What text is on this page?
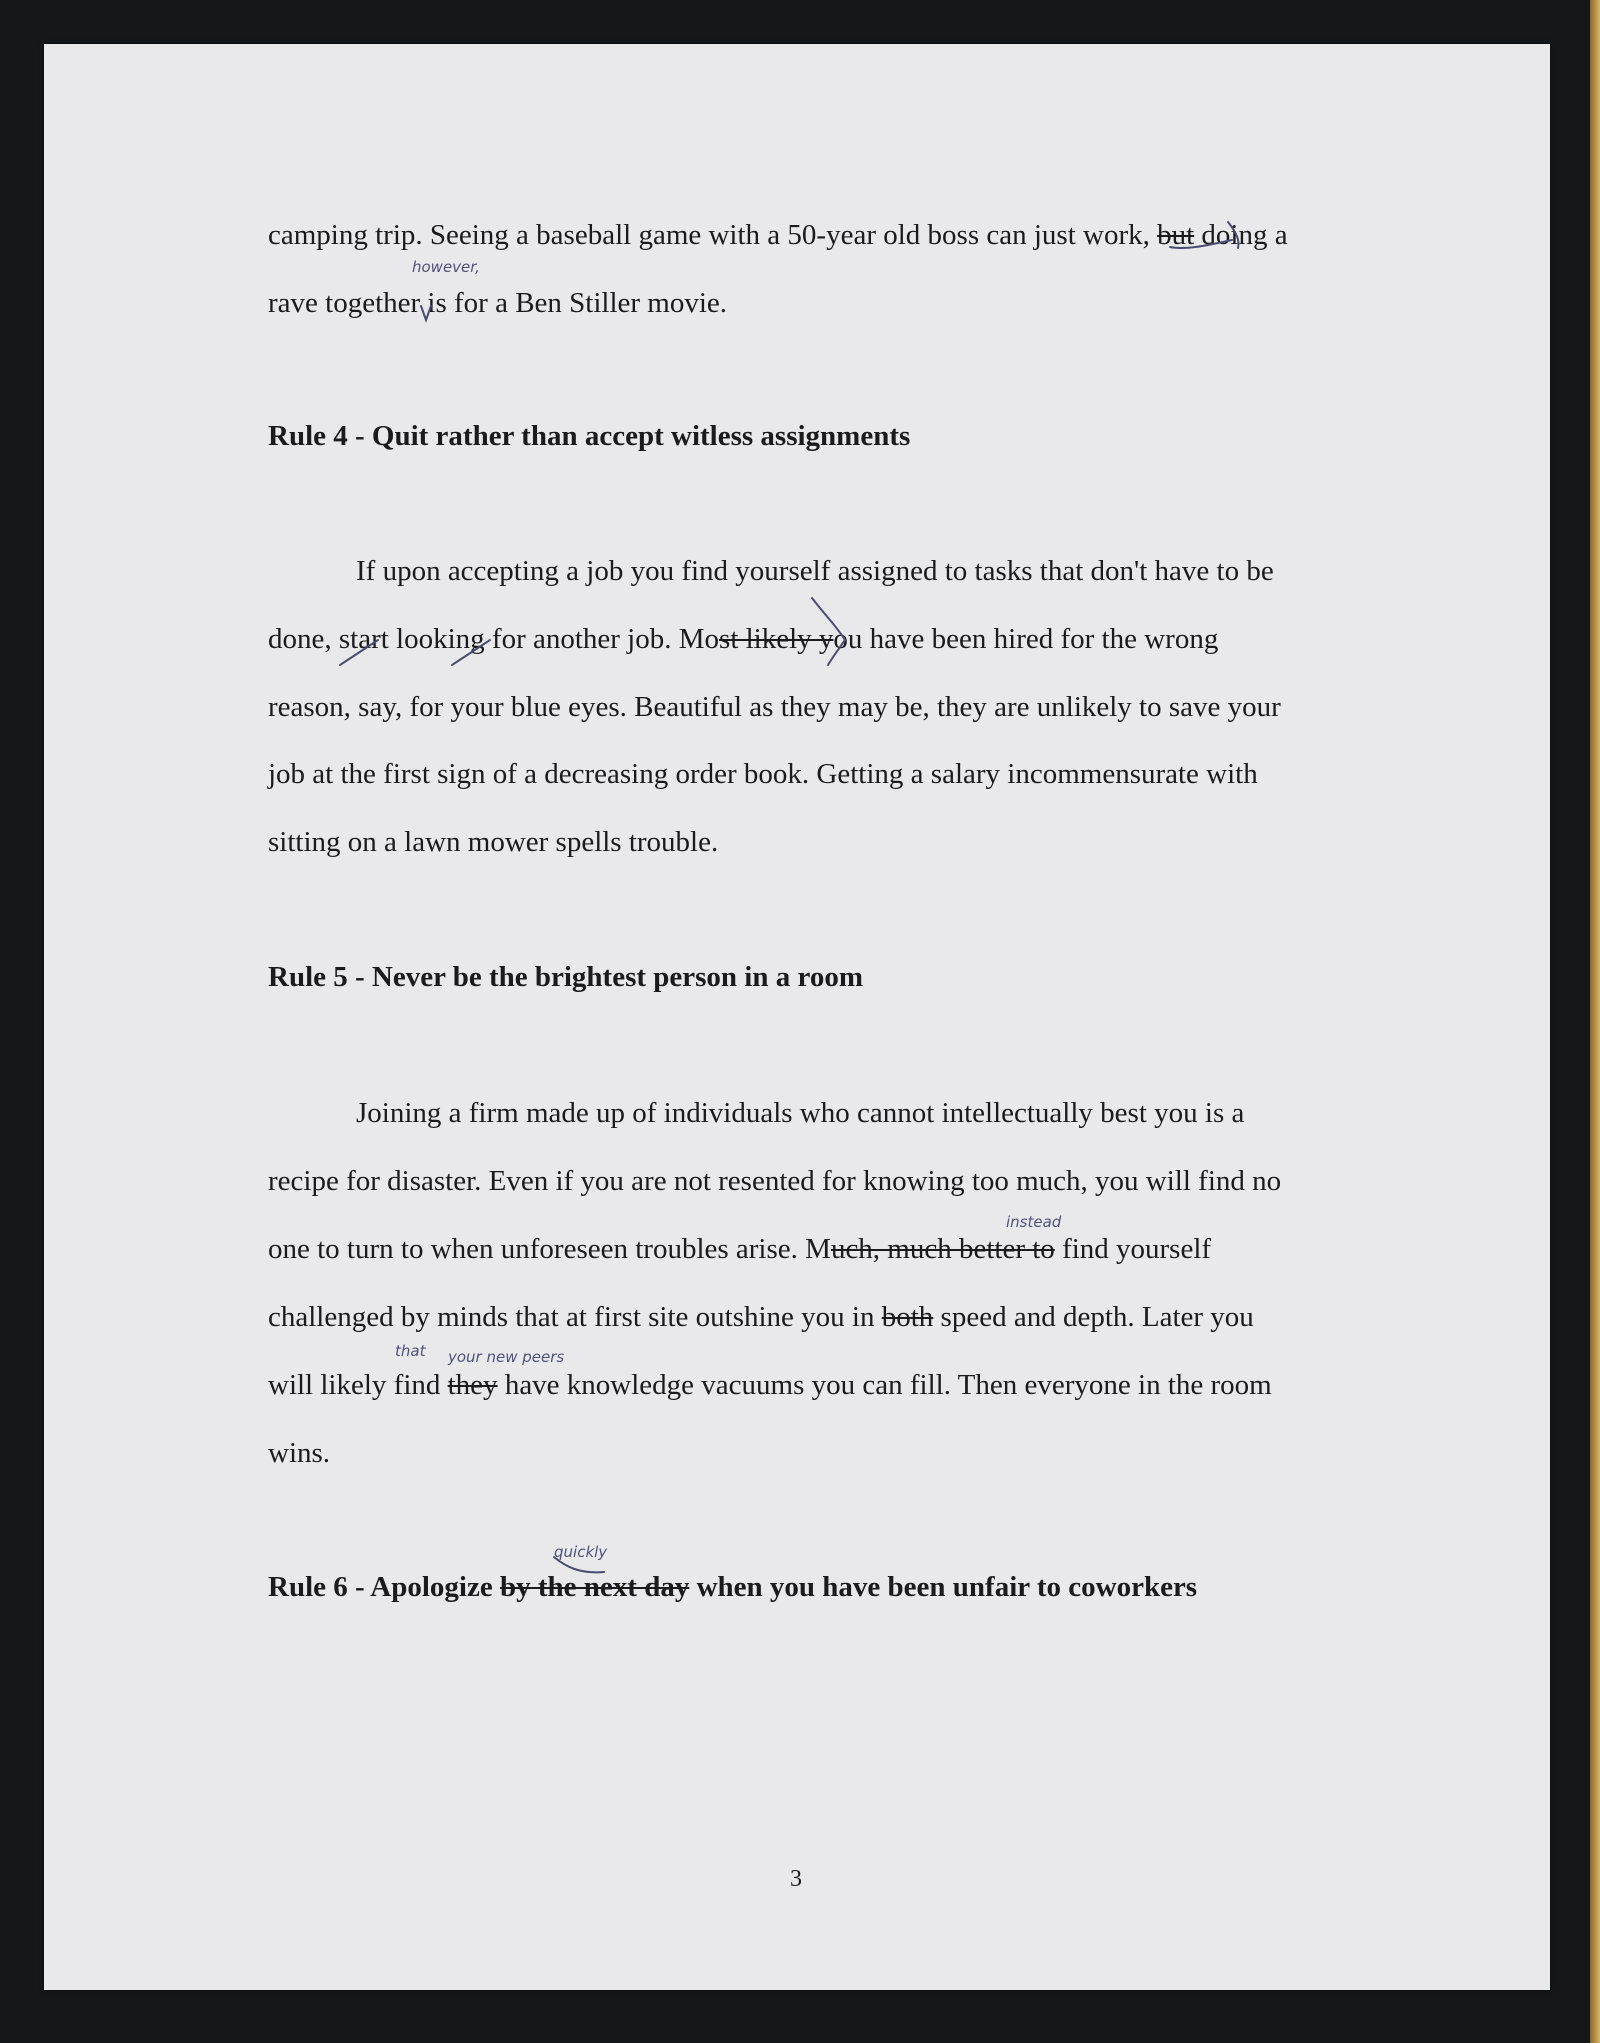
camping trip. Seeing a baseball game with a 50-year old boss can just work, but doing a
rave together is for a Ben Stiller movie.
Rule 4 - Quit rather than accept witless assignments
If upon accepting a job you find yourself assigned to tasks that don't have to be
done, start looking for another job. Most likely you have been hired for the wrong
reason, say, for your blue eyes. Beautiful as they may be, they are unlikely to save your
job at the first sign of a decreasing order book. Getting a salary incommensurate with
sitting on a lawn mower spells trouble.
Rule 5 - Never be the brightest person in a room
Joining a firm made up of individuals who cannot intellectually best you is a
recipe for disaster. Even if you are not resented for knowing too much, you will find no
one to turn to when unforeseen troubles arise. Much, much better to find yourself
challenged by minds that at first site outshine you in both speed and depth. Later you
will likely find they have knowledge vacuums you can fill. Then everyone in the room
wins.
Rule 6 - Apologize by the next day when you have been unfair to coworkers
however,
instead
that your new peers
quickly
3
